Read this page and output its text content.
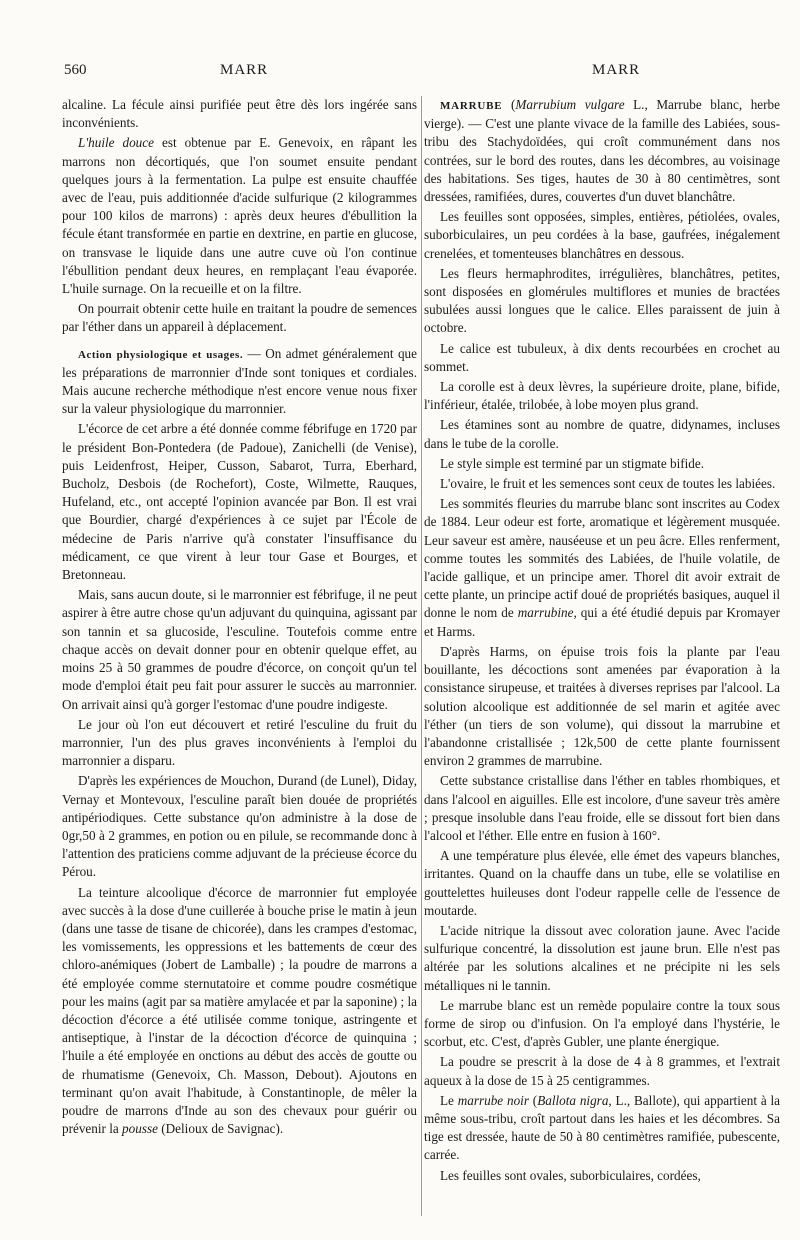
560	MARR	MARR

alcaline. La fécule ainsi purifiée peut être dès lors ingérée sans inconvénients.

L'huile douce est obtenue par E. Genevoix, en râpant les marrons non décortiqués, que l'on soumet ensuite pendant quelques jours à la fermentation. La pulpe est ensuite chauffée avec de l'eau, puis additionnée d'acide sulfurique (2 kilogrammes pour 100 kilos de marrons) : après deux heures d'ébullition la fécule étant transformée en partie en dextrine, en partie en glucose, on transvase le liquide dans une autre cuve où l'on continue l'ébullition pendant deux heures, en remplaçant l'eau évaporée. L'huile surnage. On la recueille et on la filtre.

On pourrait obtenir cette huile en traitant la poudre de semences par l'éther dans un appareil à déplacement.

Action physiologique et usages. — On admet généralement que les préparations de marronnier d'Inde sont toniques et cordiales. Mais aucune recherche méthodique n'est encore venue nous fixer sur la valeur physiologique du marronnier.

L'écorce de cet arbre a été donnée comme fébrifuge en 1720 par le président Bon-Pontedera (de Padoue), Zanichelli (de Venise), puis Leidenfrost, Heiper, Cusson, Sabarot, Turra, Eberhard, Bucholz, Desbois (de Rochefort), Coste, Wilmette, Rauques, Hufeland, etc., ont accepté l'opinion avancée par Bon. Il est vrai que Bourdier, chargé d'expériences à ce sujet par l'École de médecine de Paris n'arrive qu'à constater l'insuffisance du médicament, ce que virent à leur tour Gase et Bourges, et Bretonneau.

Mais, sans aucun doute, si le marronnier est fébrifuge, il ne peut aspirer à être autre chose qu'un adjuvant du quinquina, agissant par son tannin et sa glucoside, l'esculine. Toutefois comme entre chaque accès on devait donner pour en obtenir quelque effet, au moins 25 à 50 grammes de poudre d'écorce, on conçoit qu'un tel mode d'emploi était peu fait pour assurer le succès au marronnier. On arrivait ainsi qu'à gorger l'estomac d'une poudre indigeste.

Le jour où l'on eut découvert et retiré l'esculine du fruit du marronnier, l'un des plus graves inconvénients à l'emploi du marronnier a disparu.

D'après les expériences de Mouchon, Durand (de Lunel), Diday, Vernay et Montevoux, l'esculine paraît bien douée de propriétés antipériodiques. Cette substance qu'on administre à la dose de 0gr,50 à 2 grammes, en potion ou en pilule, se recommande donc à l'attention des praticiens comme adjuvant de la précieuse écorce du Pérou.

La teinture alcoolique d'écorce de marronnier fut employée avec succès à la dose d'une cuillerée à bouche prise le matin à jeun (dans une tasse de tisane de chicorée), dans les crampes d'estomac, les vomissements, les oppressions et les battements de cœur des chloro-anémiques (Jobert de Lamballe) ; la poudre de marrons a été employée comme sternutatoire et comme poudre cosmétique pour les mains (agit par sa matière amylacée et par la saponine) ; la décoction d'écorce a été utilisée comme tonique, astringente et antiseptique, à l'instar de la décoction d'écorce de quinquina ; l'huile a été employée en onctions au début des accès de goutte ou de rhumatisme (Genevoix, Ch. Masson, Debout). Ajoutons en terminant qu'on avait l'habitude, à Constantinople, de mêler la poudre de marrons d'Inde au son des chevaux pour guérir ou prévenir la pousse (Delioux de Savignac).

MARRUBE (Marrubium vulgare L., Marrube blanc, herbe vierge). — C'est une plante vivace de la famille des Labiées, sous-tribu des Stachydoïdées, qui croît communément dans nos contrées, sur le bord des routes, dans les décombres, au voisinage des habitations. Ses tiges, hautes de 30 à 80 centimètres, sont dressées, ramifiées, dures, couvertes d'un duvet blanchâtre.

Les feuilles sont opposées, simples, entières, pétiolées, ovales, suborbiculaires, un peu cordées à la base, gaufrées, inégalement crenelées, et tomenteuses blanchâtres en dessous.

Les fleurs hermaphrodites, irrégulières, blanchâtres, petites, sont disposées en glomérules multiflores et munies de bractées subulées aussi longues que le calice. Elles paraissent de juin à octobre.

Le calice est tubuleux, à dix dents recourbées en crochet au sommet.

La corolle est à deux lèvres, la supérieure droite, plane, bifide, l'inférieur, étalée, trilobée, à lobe moyen plus grand.

Les étamines sont au nombre de quatre, didynames, incluses dans le tube de la corolle.

Le style simple est terminé par un stigmate bifide.

L'ovaire, le fruit et les semences sont ceux de toutes les labiées.

Les sommités fleuries du marrube blanc sont inscrites au Codex de 1884. Leur odeur est forte, aromatique et légèrement musquée. Leur saveur est amère, nauséeuse et un peu âcre. Elles renferment, comme toutes les sommités des Labiées, de l'huile volatile, de l'acide gallique, et un principe amer. Thorel dit avoir extrait de cette plante, un principe actif doué de propriétés basiques, auquel il donne le nom de marrubine, qui a été étudié depuis par Kromayer et Harms.

D'après Harms, on épuise trois fois la plante par l'eau bouillante, les décoctions sont amenées par évaporation à la consistance sirupeuse, et traitées à diverses reprises par l'alcool. La solution alcoolique est additionnée de sel marin et agitée avec l'éther (un tiers de son volume), qui dissout la marrubine et l'abandonne cristallisée ; 12k,500 de cette plante fournissent environ 2 grammes de marrubine.

Cette substance cristallise dans l'éther en tables rhombiques, et dans l'alcool en aiguilles. Elle est incolore, d'une saveur très amère ; presque insoluble dans l'eau froide, elle se dissout fort bien dans l'alcool et l'éther. Elle entre en fusion à 160°.

A une température plus élevée, elle émet des vapeurs blanches, irritantes. Quand on la chauffe dans un tube, elle se volatilise en gouttelettes huileuses dont l'odeur rappelle celle de l'essence de moutarde.

L'acide nitrique la dissout avec coloration jaune. Avec l'acide sulfurique concentré, la dissolution est jaune brun. Elle n'est pas altérée par les solutions alcalines et ne précipite ni les sels métalliques ni le tannin.

Le marrube blanc est un remède populaire contre la toux sous forme de sirop ou d'infusion. On l'a employé dans l'hystérie, le scorbut, etc. C'est, d'après Gubler, une plante énergique.

La poudre se prescrit à la dose de 4 à 8 grammes, et l'extrait aqueux à la dose de 15 à 25 centigrammes.

Le marrube noir (Ballota nigra, L., Ballote), qui appartient à la même sous-tribu, croît partout dans les haies et les décombres. Sa tige est dressée, haute de 50 à 80 centimètres ramifiée, pubescente, carrée.

Les feuilles sont ovales, suborbiculaires, cordées,
